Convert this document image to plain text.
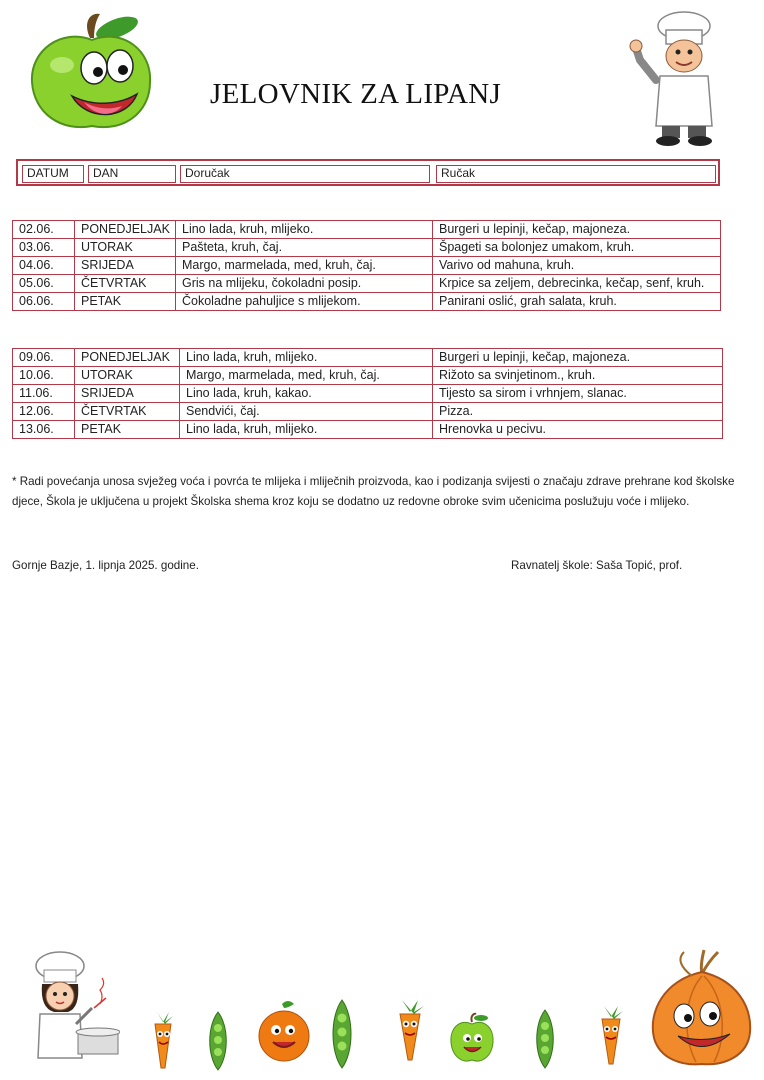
JELOVNIK ZA LIPANJ
DATUM	DAN	Doručak	Ručak
02.06.	PONEDJELJAK	Lino lada, kruh, mlijeko.	Burgeri u lepinji, kečap, majoneza.
03.06.	UTORAK	Pašteta, kruh, čaj.	Špageti sa bolonjez umakom, kruh.
04.06.	SRIJEDA	Margo, marmelada, med, kruh, čaj.	Varivo od mahuna, kruh.
05.06.	ČETVRTAK	Gris na mlijeku, čokoladni posip.	Krpice sa zeljem, debrecinka, kečap, senf, kruh.
06.06.	PETAK	Čokoladne pahuljice s mlijekom.	Panirani oslić, grah salata, kruh.
09.06.	PONEDJELJAK	Lino lada, kruh, mlijeko.	Burgeri u lepinji, kečap, majoneza.
10.06.	UTORAK	Margo, marmelada, med, kruh, čaj.	Rižoto sa svinjetinom., kruh.
11.06.	SRIJEDA	Lino lada, kruh, kakao.	Tijesto sa sirom i vrhnjem, slanac.
12.06.	ČETVRTAK	Sendvići, čaj.	Pizza.
13.06.	PETAK	Lino lada, kruh, mlijeko.	Hrenovka u pecivu.
* Radi povećanja unosa svježeg voća i povrća te mlijeka i mliječnih proizvoda, kao i podizanja svijesti o značaju zdrave prehrane kod školske djece, Škola je uključena u projekt Školska shema kroz koju se dodatno uz redovne obroke svim učenicima poslužuju voće i mlijeko.
Gornje Bazje, 1. lipnja 2025. godine.	Ravnatelj škole: Saša Topić, prof.
